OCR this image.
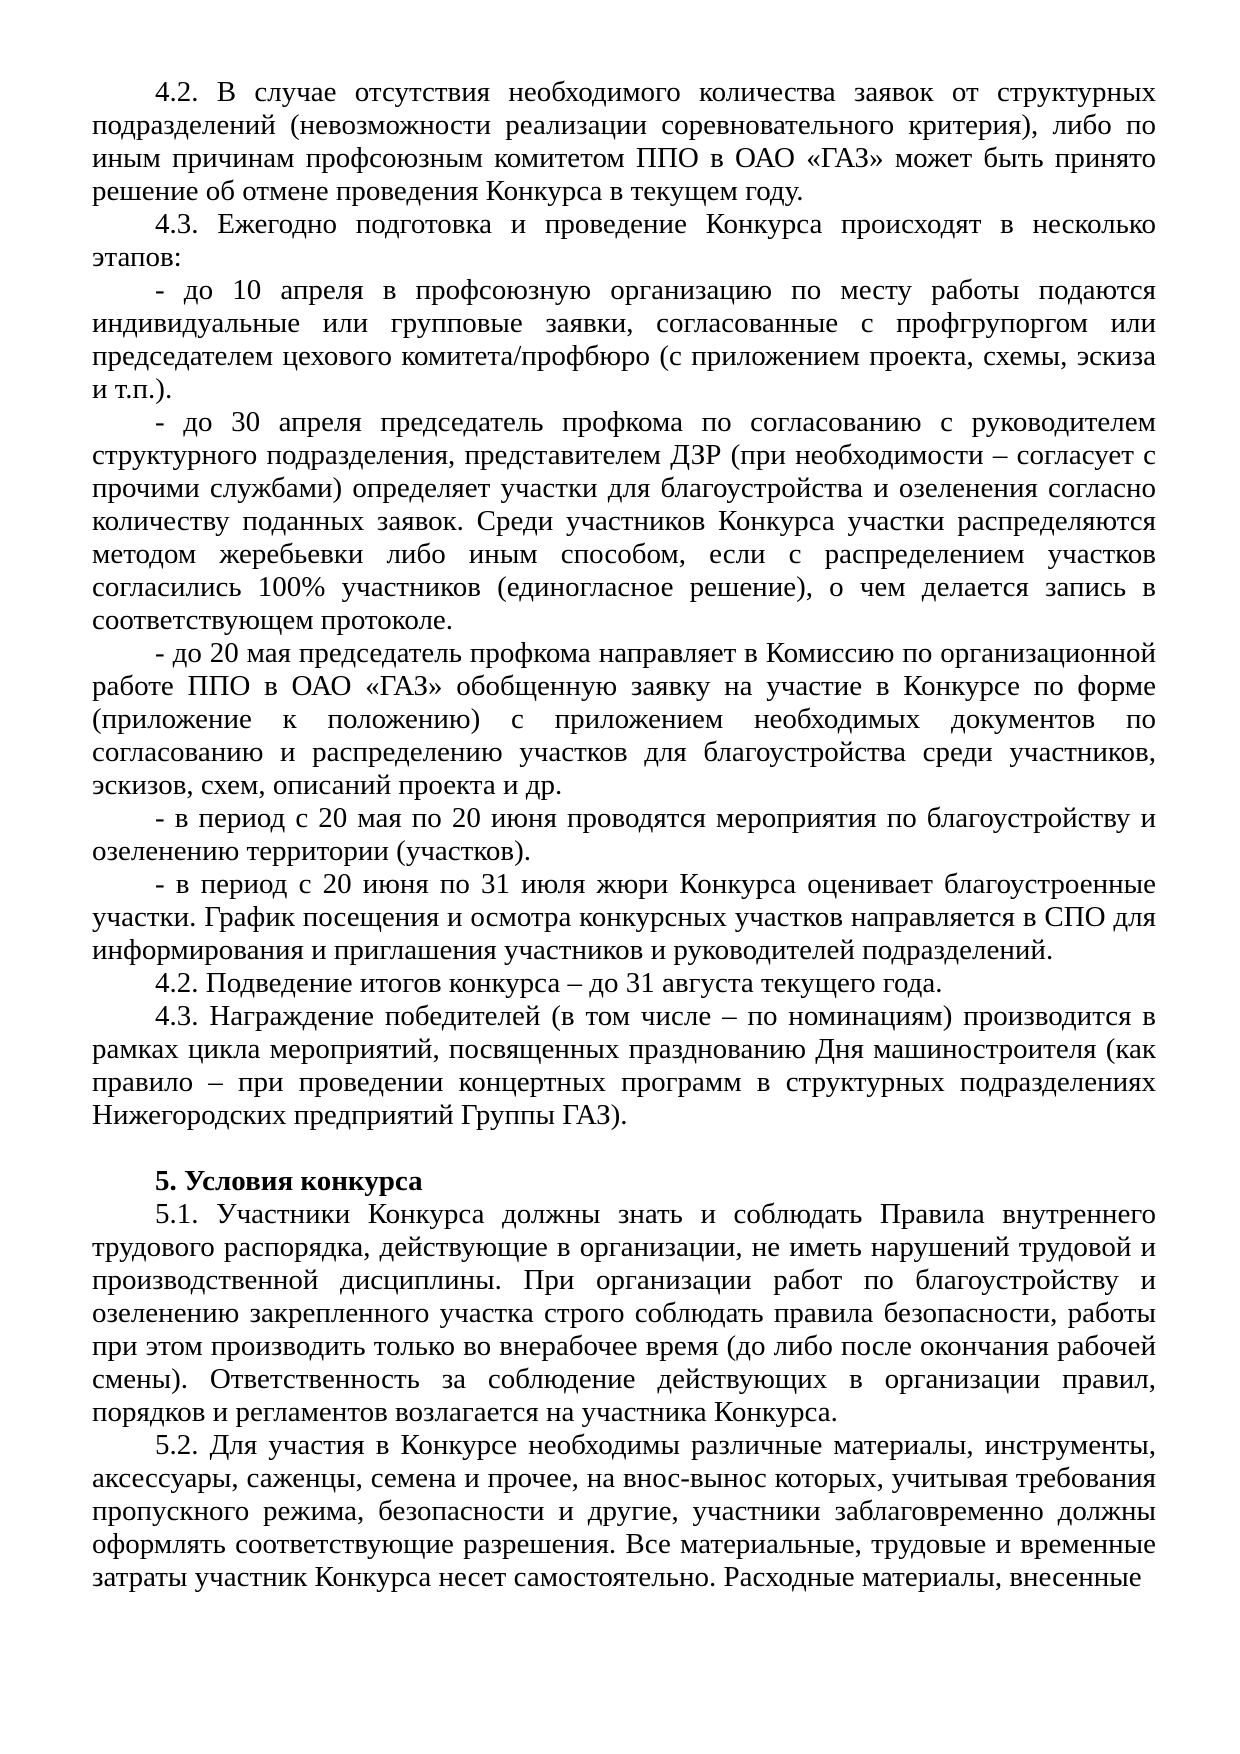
4.2. В случае отсутствия необходимого количества заявок от структурных подразделений (невозможности реализации соревновательного критерия), либо по иным причинам профсоюзным комитетом ППО в ОАО «ГАЗ» может быть принято решение об отмене проведения Конкурса в текущем году.

4.3. Ежегодно подготовка и проведение Конкурса происходят в несколько этапов:

- до 10 апреля в профсоюзную организацию по месту работы подаются индивидуальные или групповые заявки, согласованные с профгрупоргом или председателем цехового комитета/профбюро (с приложением проекта, схемы, эскиза и т.п.).

- до 30 апреля председатель профкома по согласованию с руководителем структурного подразделения, представителем ДЗР (при необходимости – согласует с прочими службами) определяет участки для благоустройства и озеленения согласно количеству поданных заявок. Среди участников Конкурса участки распределяются методом жеребьевки либо иным способом, если с распределением участков согласились 100% участников (единогласное решение), о чем делается запись в соответствующем протоколе.

- до 20 мая председатель профкома направляет в Комиссию по организационной работе ППО в ОАО «ГАЗ» обобщенную заявку на участие в Конкурсе по форме (приложение к положению) с приложением необходимых документов по согласованию и распределению участков для благоустройства среди участников, эскизов, схем, описаний проекта и др.

- в период с 20 мая по 20 июня проводятся мероприятия по благоустройству и озеленению территории (участков).

- в период с 20 июня по 31 июля жюри Конкурса оценивает благоустроенные участки. График посещения и осмотра конкурсных участков направляется в СПО для информирования и приглашения участников и руководителей подразделений.

4.2. Подведение итогов конкурса – до 31 августа текущего года.

4.3. Награждение победителей (в том числе – по номинациям) производится в рамках цикла мероприятий, посвященных празднованию Дня машиностроителя (как правило – при проведении концертных программ в структурных подразделениях Нижегородских предприятий Группы ГАЗ).

5. Условия конкурса

5.1. Участники Конкурса должны знать и соблюдать Правила внутреннего трудового распорядка, действующие в организации, не иметь нарушений трудовой и производственной дисциплины. При организации работ по благоустройству и озеленению закрепленного участка строго соблюдать правила безопасности, работы при этом производить только во внерабочее время (до либо после окончания рабочей смены). Ответственность за соблюдение действующих в организации правил, порядков и регламентов возлагается на участника Конкурса.

5.2. Для участия в Конкурсе необходимы различные материалы, инструменты, аксессуары, саженцы, семена и прочее, на внос-вынос которых, учитывая требования пропускного режима, безопасности и другие, участники заблаговременно должны оформлять соответствующие разрешения. Все материальные, трудовые и временные затраты участник Конкурса несет самостоятельно. Расходные материалы, внесенные
